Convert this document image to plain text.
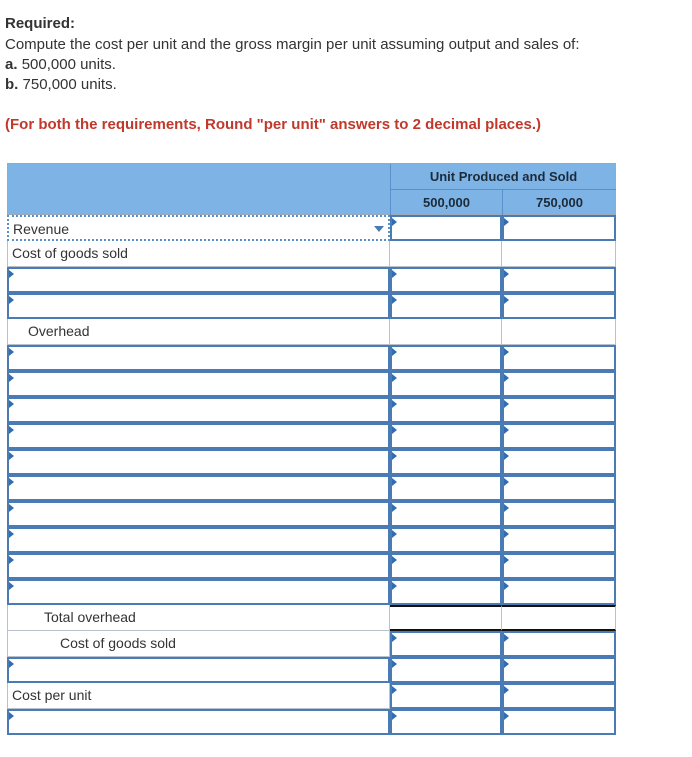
Required:
Compute the cost per unit and the gross margin per unit assuming output and sales of:
a. 500,000 units.
b. 750,000 units.
(For both the requirements, Round "per unit" answers to 2 decimal places.)
Unit Produced and Sold
500,000	750,000
Revenue
Cost of goods sold
Overhead
Total overhead
Cost of goods sold
Cost per unit
